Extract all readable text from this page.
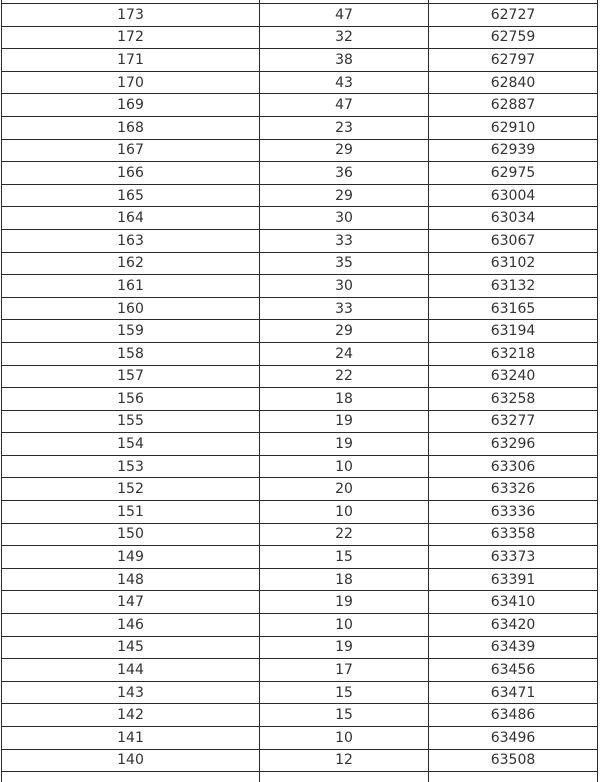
173	47	62727
172	32	62759
171	38	62797
170	43	62840
169	47	62887
168	23	62910
167	29	62939
166	36	62975
165	29	63004
164	30	63034
163	33	63067
162	35	63102
161	30	63132
160	33	63165
159	29	63194
158	24	63218
157	22	63240
156	18	63258
155	19	63277
154	19	63296
153	10	63306
152	20	63326
151	10	63336
150	22	63358
149	15	63373
148	18	63391
147	19	63410
146	10	63420
145	19	63439
144	17	63456
143	15	63471
142	15	63486
141	10	63496
140	12	63508
